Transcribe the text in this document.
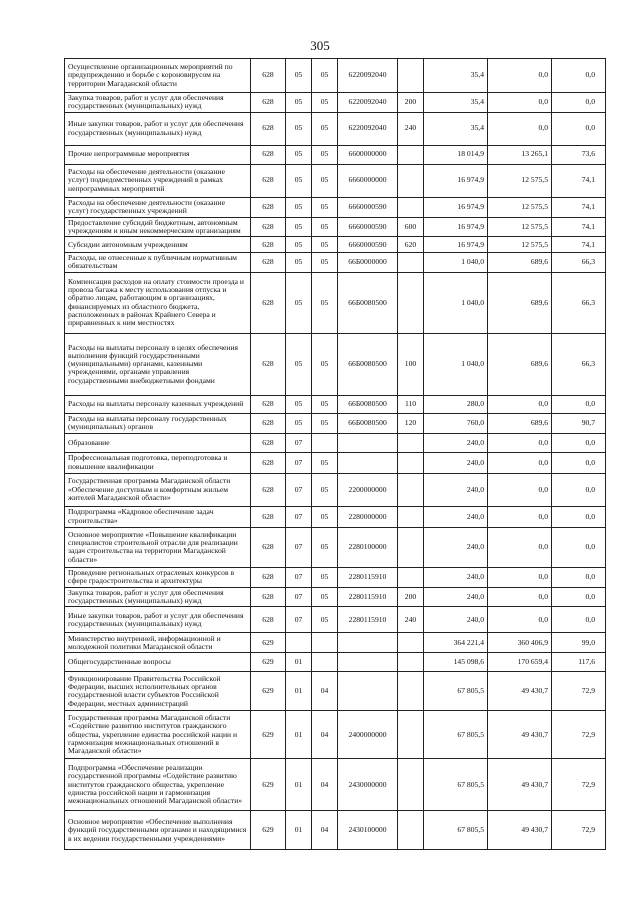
305
Осуществление организационных мероприятий по предупреждению и борьбе с короновирусом на территории Магаданской области	628	05	05	6220092040		35,4	0,0	0,0
Закупка товаров, работ и услуг для обеспечения государственных (муниципальных) нужд	628	05	05	6220092040	200	35,4	0,0	0,0
Иные закупки товаров, работ и услуг для обеспечения государственных (муниципальных) нужд	628	05	05	6220092040	240	35,4	0,0	0,0
Прочие непрограммные мероприятия	628	05	05	6600000000		18 014,9	13 265,1	73,6
Расходы на обеспечение деятельности (оказание услуг) подведомственных учреждений в рамках непрограммных мероприятий	628	05	05	6660000000		16 974,9	12 575,5	74,1
Расходы на обеспечение деятельности (оказание услуг) государственных учреждений	628	05	05	6660000590		16 974,9	12 575,5	74,1
Предоставление субсидий бюджетным, автономным учреждениям и иным некоммерческим организациям	628	05	05	6660000590	600	16 974,9	12 575,5	74,1
Субсидии автономным учреждениям	628	05	05	6660000590	620	16 974,9	12 575,5	74,1
Расходы, не отнесенные к публичным нормативным обязательствам	628	05	05	66Б0000000		1 040,0	689,6	66,3
Компенсация расходов на оплату стоимости проезда и провоза багажа к месту использования отпуска и обратно лицам, работающим в организациях, финансируемых из областного бюджета, расположенных в районах Крайнего Севера и приравненных к ним местностях	628	05	05	66Б0080500		1 040,0	689,6	66,3
Расходы на выплаты персоналу в целях обеспечения выполнения функций государственными (муниципальными) органами, казенными учреждениями, органами управления государственными внебюджетными фондами	628	05	05	66Б0080500	100	1 040,0	689,6	66,3
Расходы на выплаты персоналу казенных учреждений	628	05	05	66Б0080500	110	280,0	0,0	0,0
Расходы на выплаты персоналу государственных (муниципальных) органов	628	05	05	66Б0080500	120	760,0	689,6	90,7
Образование	628	07				240,0	0,0	0,0
Профессиональная подготовка, переподготовка и повышение квалификации	628	07	05			240,0	0,0	0,0
Государственная программа Магаданской области «Обеспечение доступным и комфортным жильем жителей Магаданской области»	628	07	05	2200000000		240,0	0,0	0,0
Подпрограмма «Кадровое обеспечение задач строительства»	628	07	05	2280000000		240,0	0,0	0,0
Основное мероприятие «Повышение квалификации специалистов строительной отрасли для реализации задач строительства на территории Магаданской области»	628	07	05	2280100000		240,0	0,0	0,0
Проведение региональных отраслевых конкурсов в сфере градостроительства и архитектуры	628	07	05	2280115910		240,0	0,0	0,0
Закупка товаров, работ и услуг для обеспечения государственных (муниципальных) нужд	628	07	05	2280115910	200	240,0	0,0	0,0
Иные закупки товаров, работ и услуг для обеспечения государственных (муниципальных) нужд	628	07	05	2280115910	240	240,0	0,0	0,0
Министерство внутренней, информационной и молодежной политики Магаданской области	629					364 221,4	360 406,9	99,0
Общегосударственные вопросы	629	01				145 098,6	170 659,4	117,6
Функционирование Правительства Российской Федерации, высших исполнительных органов государственной власти субъектов Российской Федерации, местных администраций	629	01	04			67 805,5	49 430,7	72,9
Государственная программа Магаданской области «Содействие развитию институтов гражданского общества, укрепление единства российской нации и гармонизация межнациональных отношений в Магаданской области»	629	01	04	2400000000		67 805,5	49 430,7	72,9
Подпрограмма «Обеспечение реализации государственной программы «Содействие развитию институтов гражданского общества, укрепление единства российской нации и гармонизация межнациональных отношений Магаданской области»	629	01	04	2430000000		67 805,5	49 430,7	72,9
Основное мероприятие «Обеспечение выполнения функций государственными органами и находящимися в их ведении государственными учреждениями»	629	01	04	2430100000		67 805,5	49 430,7	72,9
